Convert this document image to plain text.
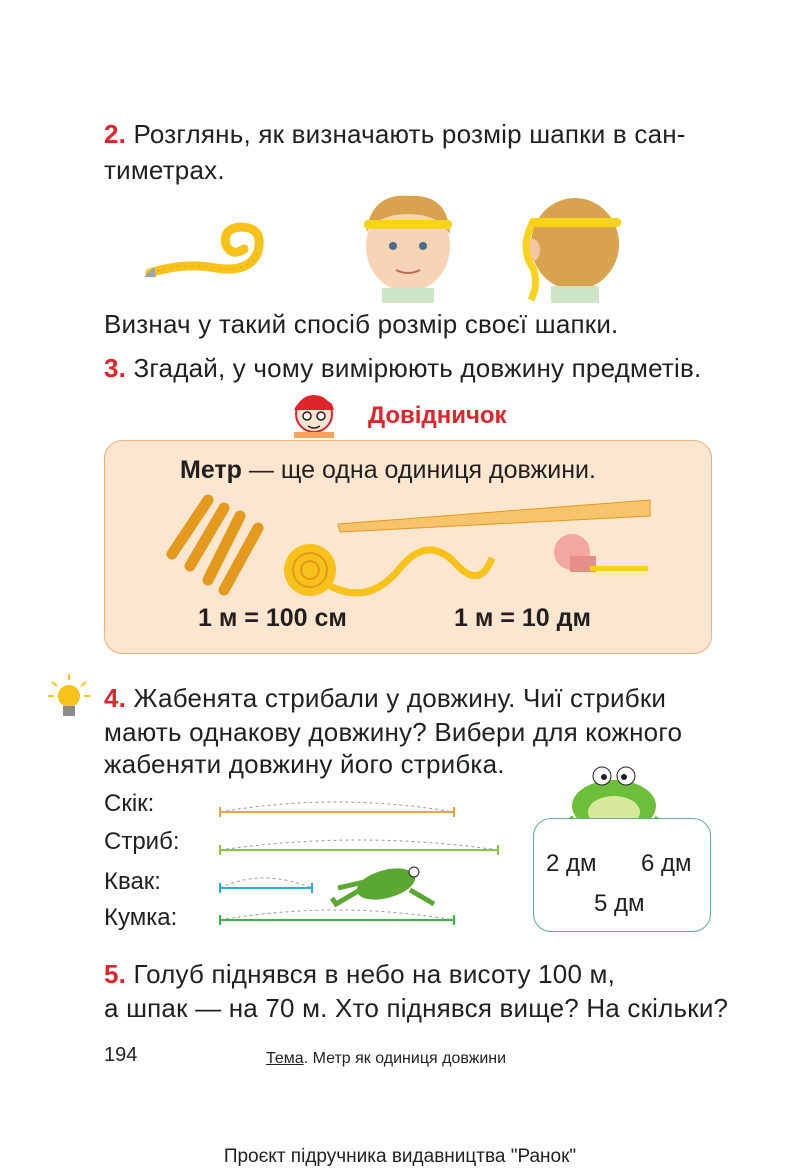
2. Розглянь, як визначають розмір шапки в сан-
тиметрах.
Визнач у такий спосіб розмір своєї шапки.
3. Згадай, у чому вимірюють довжину предметів.
Довідничок
Метр — ще одна одиниця довжини.
1 м = 100 см	1 м = 10 дм
4. Жабенята стрибали у довжину. Чиї стрибки
мають однакову довжину? Вибери для кожного
жабеняти довжину його стрибка.
Скік:
Стриб:
Квак:
Кумка:
2 дм 6 дм
5 дм
5. Голуб піднявся в небо на висоту 100 м,
а шпак — на 70 м. Хто піднявся вище? На скільки?
194	Тема. Метр як одиниця довжини
Проєкт підручника видавництва "Ранок"
